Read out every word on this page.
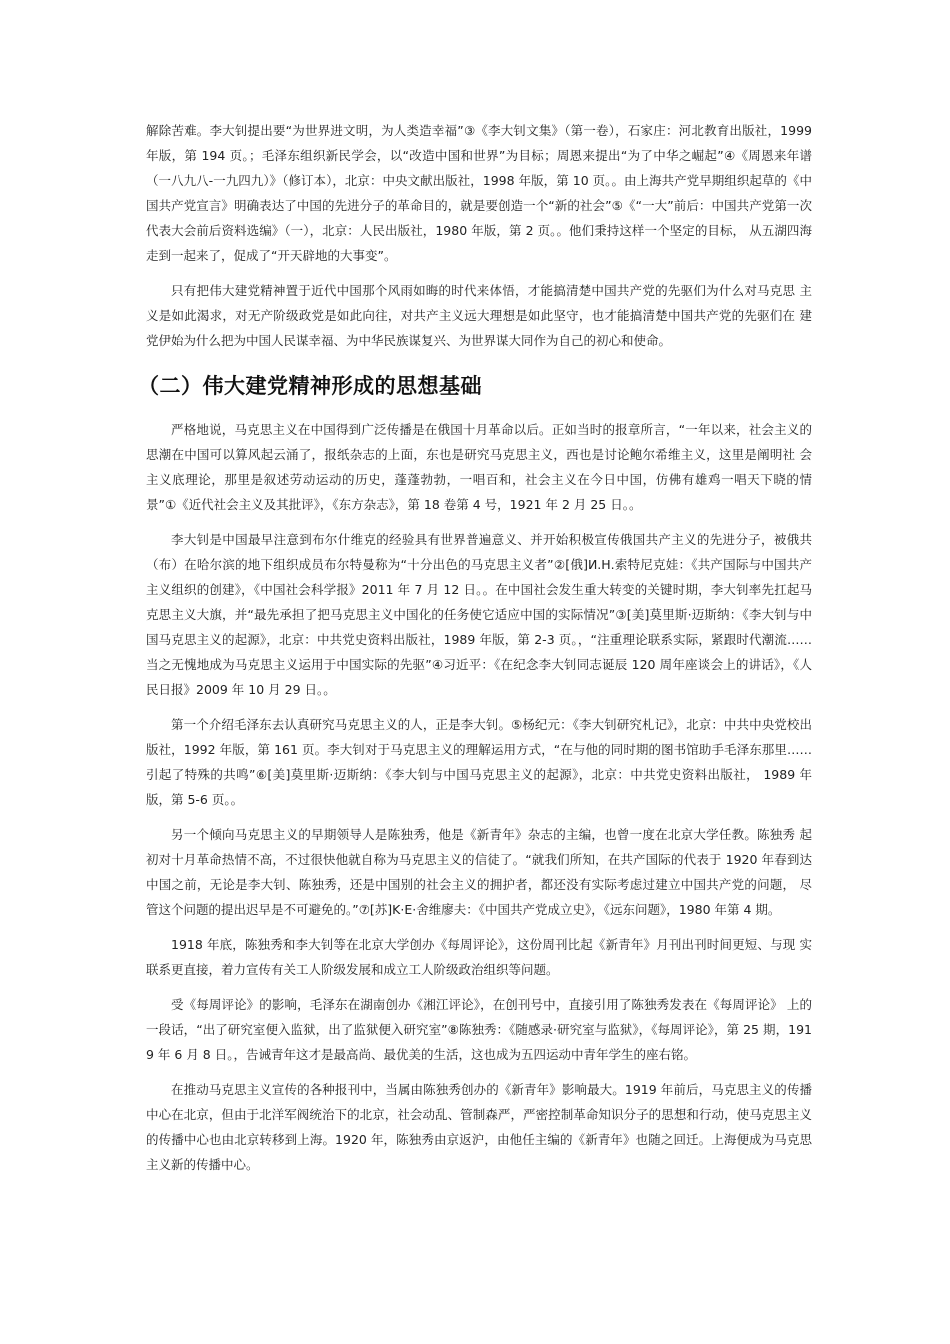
解除苦难。李大钊提出要“为世界进文明，为人类造幸福”③《李大钊文集》（第一卷），石家庄：河北教育出版社，1999年版，第 194 页。；毛泽东组织新民学会，以“改造中国和世界”为目标；周恩来提出“为了中华之崛起”④《周恩来年谱（一八九八-一九四九）》（修订本），北京：中央文献出版社，1998 年版，第 10 页。。由上海共产党早期组织起草的《中国共产党宣言》明确表达了中国的先进分子的革命目的，就是要创造一个“新的社会”⑤《“一大”前后：中国共产党第一次代表大会前后资料选编》（一），北京：人民出版社，1980 年版，第 2 页。。他们秉持这样一个坚定的目标， 从五湖四海走到一起来了，促成了“开天辟地的大事变”。

只有把伟大建党精神置于近代中国那个风雨如晦的时代来体悟，才能搞清楚中国共产党的先驱们为什么对马克思 主义是如此渴求，对无产阶级政党是如此向往，对共产主义远大理想是如此坚守，也才能搞清楚中国共产党的先驱们在 建党伊始为什么把为中国人民谋幸福、为中华民族谋复兴、为世界谋大同作为自己的初心和使命。

（二）伟大建党精神形成的思想基础

严格地说，马克思主义在中国得到广泛传播是在俄国十月革命以后。正如当时的报章所言，“一年以来，社会主义的思潮在中国可以算风起云涌了，报纸杂志的上面，东也是研究马克思主义，西也是讨论鲍尔希维主义，这里是阐明社 会主义底理论，那里是叙述劳动运动的历史，蓬蓬勃勃，一唱百和，社会主义在今日中国，仿佛有雄鸡一唱天下晓的情景”①《近代社会主义及其批评》，《东方杂志》，第 18 卷第 4 号，1921 年 2 月 25 日。。

李大钊是中国最早注意到布尔什维克的经验具有世界普遍意义、并开始积极宣传俄国共产主义的先进分子，被俄共（布）在哈尔滨的地下组织成员布尔特曼称为“十分出色的马克思主义者”②[俄]И.Н.索特尼克娃：《共产国际与中国共产主义组织的创建》，《中国社会科学报》2011 年 7 月 12 日。。在中国社会发生重大转变的关键时期，李大钊率先扛起马克思主义大旗，并“最先承担了把马克思主义中国化的任务使它适应中国的实际情况”③[美]莫里斯·迈斯纳：《李大钊与中国马克思主义的起源》，北京：中共党史资料出版社，1989 年版，第 2-3 页。，“注重理论联系实际，紧跟时代潮流……当之无愧地成为马克思主义运用于中国实际的先驱”④习近平：《在纪念李大钊同志诞辰 120 周年座谈会上的讲话》，《人民日报》2009 年 10 月 29 日。。

第一个介绍毛泽东去认真研究马克思主义的人，正是李大钊。⑤杨纪元：《李大钊研究札记》，北京：中共中央党校出版社，1992 年版，第 161 页。李大钊对于马克思主义的理解运用方式，“在与他的同时期的图书馆助手毛泽东那里……引起了特殊的共鸣”⑥[美]莫里斯·迈斯纳：《李大钊与中国马克思主义的起源》，北京：中共党史资料出版社， 1989 年版，第 5-6 页。。

另一个倾向马克思主义的早期领导人是陈独秀，他是《新青年》杂志的主编，也曾一度在北京大学任教。陈独秀 起初对十月革命热情不高，不过很快他就自称为马克思主义的信徒了。“就我们所知，在共产国际的代表于 1920 年春到达中国之前，无论是李大钊、陈独秀，还是中国别的社会主义的拥护者，都还没有实际考虑过建立中国共产党的问题， 尽管这个问题的提出迟早是不可避免的。”⑦[苏]K·E·舍维廖夫：《中国共产党成立史》，《远东问题》，1980 年第 4 期。

1918 年底，陈独秀和李大钊等在北京大学创办《每周评论》，这份周刊比起《新青年》月刊出刊时间更短、与现 实联系更直接，着力宣传有关工人阶级发展和成立工人阶级政治组织等问题。

受《每周评论》的影响，毛泽东在湖南创办《湘江评论》，在创刊号中，直接引用了陈独秀发表在《每周评论》 上的一段话，“出了研究室便入监狱，出了监狱便入研究室”⑧陈独秀：《随感录·研究室与监狱》，《每周评论》，第 25 期，1919 年 6 月 8 日。，告诫青年这才是最高尚、最优美的生活，这也成为五四运动中青年学生的座右铭。

在推动马克思主义宣传的各种报刊中，当属由陈独秀创办的《新青年》影响最大。1919 年前后，马克思主义的传播中心在北京，但由于北洋军阀统治下的北京，社会动乱、管制森严，严密控制革命知识分子的思想和行动，使马克思主义的传播中心也由北京转移到上海。1920 年，陈独秀由京返沪，由他任主编的《新青年》也随之回迁。上海便成为马克思主义新的传播中心。
